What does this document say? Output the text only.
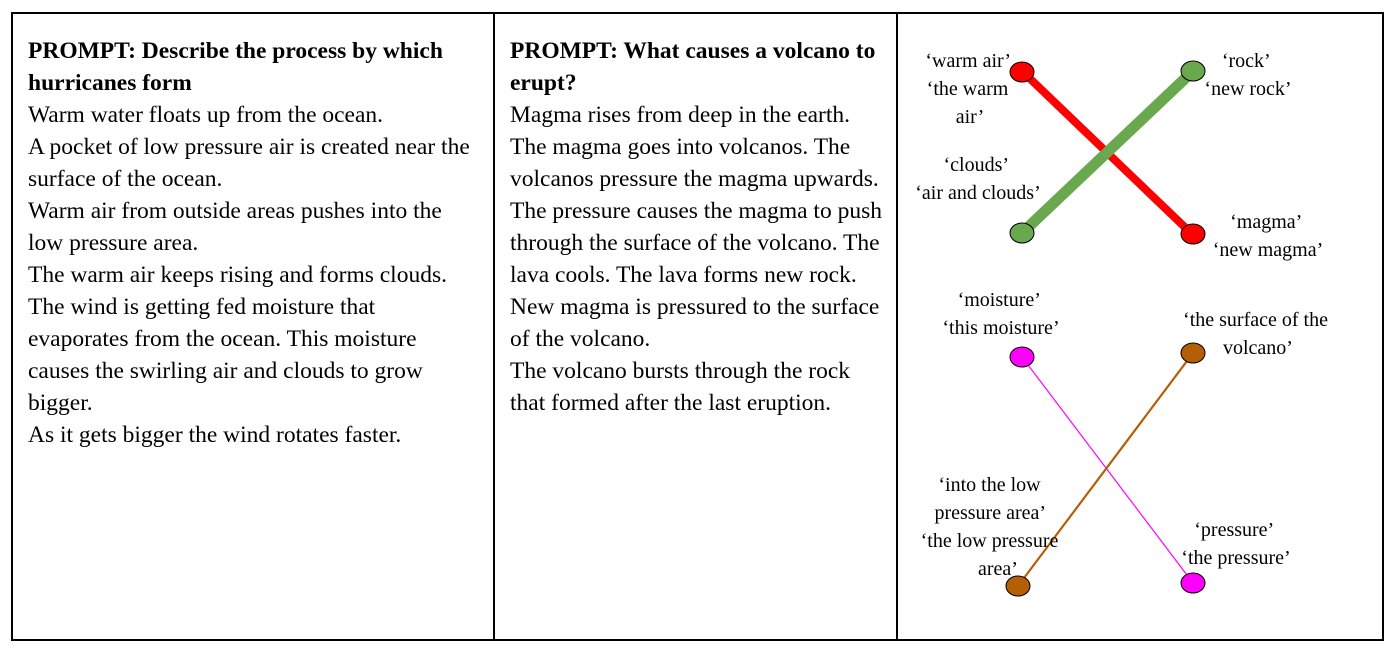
PROMPT: Describe the process by which hurricanes form

Warm water floats up from the ocean.
A pocket of low pressure air is created near the surface of the ocean.
Warm air from outside areas pushes into the low pressure area.
The warm air keeps rising and forms clouds. The wind is getting fed moisture that evaporates from the ocean. This moisture causes the swirling air and clouds to grow bigger.
As it gets bigger the wind rotates faster.

PROMPT: What causes a volcano to erupt?

Magma rises from deep in the earth. The magma goes into volcanos. The volcanos pressure the magma upwards.
The pressure causes the magma to push through the surface of the volcano. The lava cools. The lava forms new rock. New magma is pressured to the surface of the volcano.
The volcano bursts through the rock that formed after the last eruption.
‘warm air’ ‘the warm air’
‘rock’ ‘new rock’
‘clouds’ ‘air and clouds’
‘magma’ ‘new magma’
‘moisture’ ‘this moisture’	‘the surface of the volcano’
‘into the low pressure area’ ‘the low pressure area’
‘pressure’ ‘the pressure’
